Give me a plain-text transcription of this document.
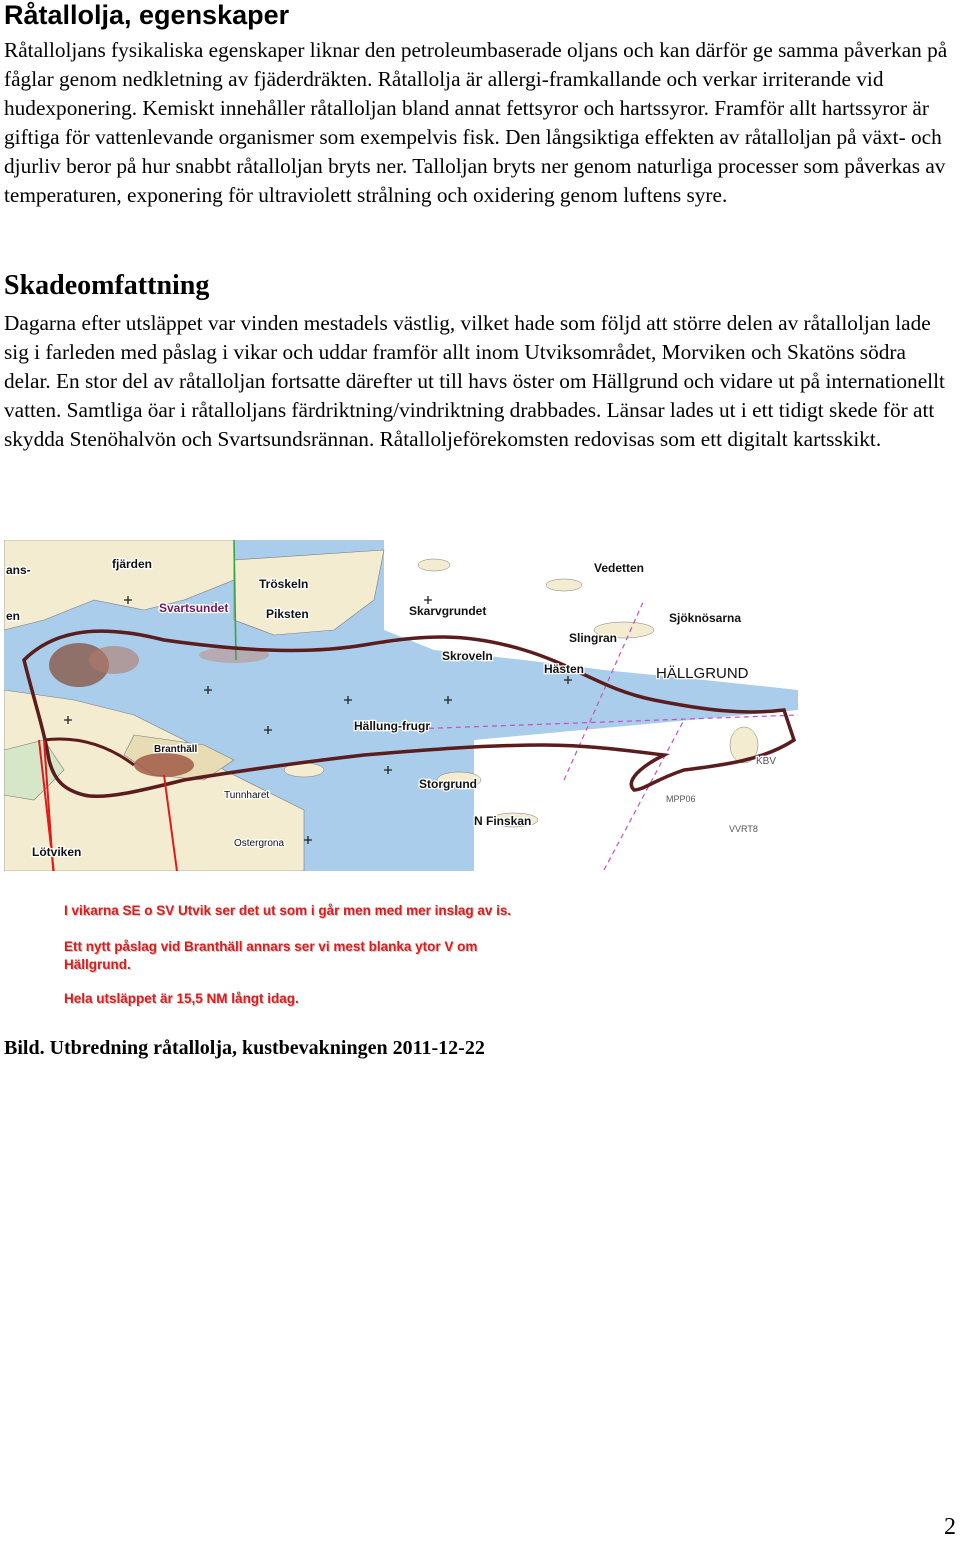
Råtallolja, egenskaper

Råtalloljans fysikaliska egenskaper liknar den petroleumbaserade oljans och kan därför ge samma påverkan på fåglar genom nedkletning av fjäderdräkten. Råtallolja är allergi-framkallande och verkar irriterande vid hudexponering. Kemiskt innehåller råtalloljan bland annat fettsyror och hartssyror. Framför allt hartssyror är giftiga för vattenlevande organismer som exempelvis fisk. Den långsiktiga effekten av råtalloljan på växt- och djurliv beror på hur snabbt råtalloljan bryts ner. Talloljan bryts ner genom naturliga processer som påverkas av temperaturen, exponering för ultraviolett strålning och oxidering genom luftens syre.

Skadeomfattning

Dagarna efter utsläppet var vinden mestadels västlig, vilket hade som följd att större delen av råtalloljan lade sig i farleden med påslag i vikar och uddar framför allt inom Utviksområdet, Morviken och Skatöns södra delar. En stor del av råtalloljan fortsatte därefter ut till havs öster om Hällgrund och vidare ut på internationellt vatten. Samtliga öar i råtalloljans färdriktning/vindriktning drabbades. Länsar lades ut i ett tidigt skede för att skydda Stenöhalvön och Svartsundsrännan. Råtalloljeförekomsten redovisas som ett digitalt kartsskikt.

fjärden
Svartsundet
Tröskeln
Piksten
Vedetten
Skarvgrundet	Sjöknösarna
Slingran
Skroveln
Hästen	HÄLLGRUND
Hällung-frugr
Storgrund
N Finskan
Tunnharet
Ostergrona
Lötviken
Branthäll
KBV
MPP06
VVRT8
ans-
en
I vikarna SE o SV Utvik ser det ut som i går men med mer inslag av is.
Ett nytt påslag vid Branthäll annars ser vi mest blanka ytor V om Hällgrund.
Hela utsläppet är 15,5 NM långt idag.

Bild. Utbredning råtallolja, kustbevakningen 2011-12-22

2
